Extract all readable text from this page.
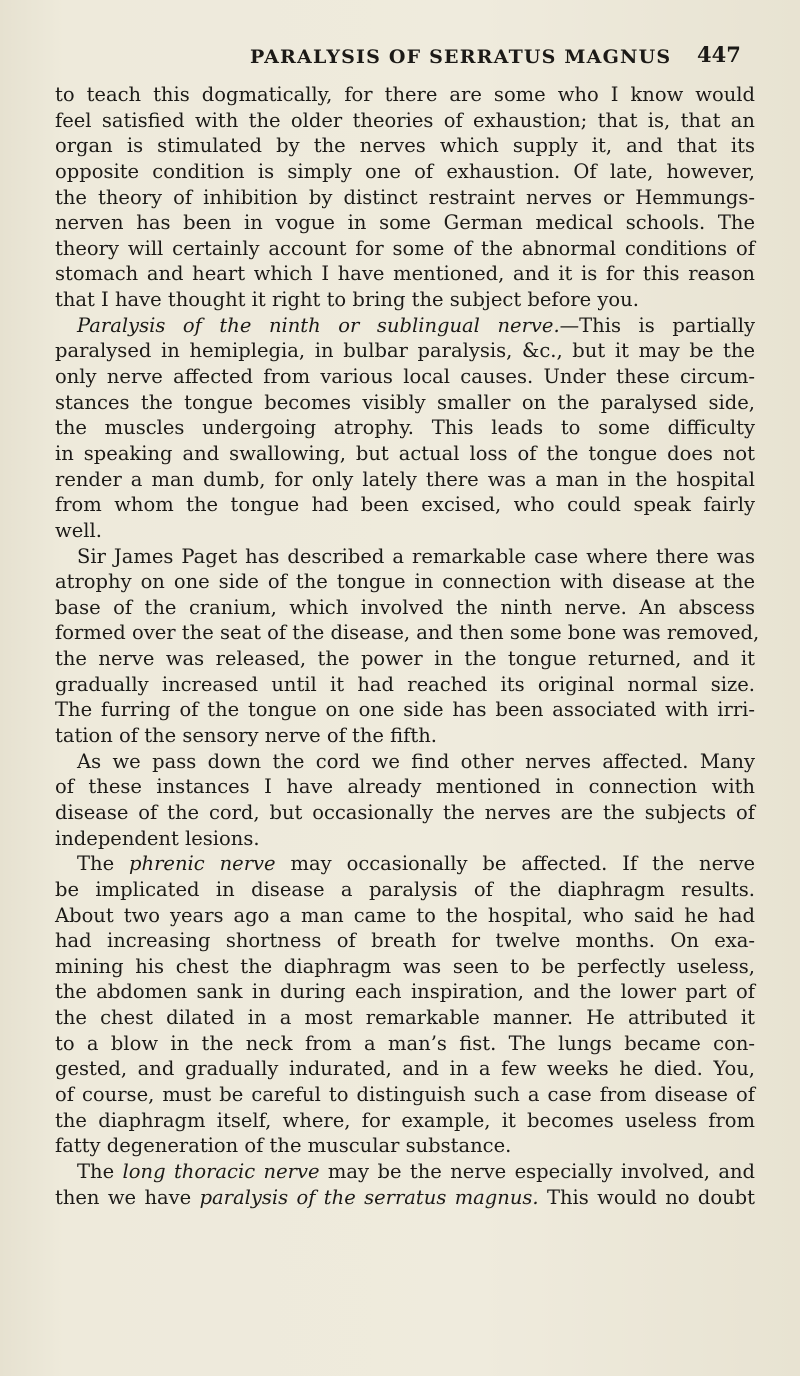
PARALYSIS OF SERRATUS MAGNUS 447
to teach this dogmatically, for there are some who I know would
feel satisfied with the older theories of exhaustion; that is, that an
organ is stimulated by the nerves which supply it, and that its
opposite condition is simply one of exhaustion. Of late, however,
the theory of inhibition by distinct restraint nerves or Hemmungs-
nerven has been in vogue in some German medical schools. The
theory will certainly account for some of the abnormal conditions of
stomach and heart which I have mentioned, and it is for this reason
that I have thought it right to bring the subject before you.
Paralysis of the ninth or sublingual nerve.—This is partially
paralysed in hemiplegia, in bulbar paralysis, &c., but it may be the
only nerve affected from various local causes. Under these circum-
stances the tongue becomes visibly smaller on the paralysed side,
the muscles undergoing atrophy. This leads to some difficulty
in speaking and swallowing, but actual loss of the tongue does not
render a man dumb, for only lately there was a man in the hospital
from whom the tongue had been excised, who could speak fairly
well.
Sir James Paget has described a remarkable case where there was
atrophy on one side of the tongue in connection with disease at the
base of the cranium, which involved the ninth nerve. An abscess
formed over the seat of the disease, and then some bone was removed,
the nerve was released, the power in the tongue returned, and it
gradually increased until it had reached its original normal size.
The furring of the tongue on one side has been associated with irri-
tation of the sensory nerve of the fifth.
As we pass down the cord we find other nerves affected. Many
of these instances I have already mentioned in connection with
disease of the cord, but occasionally the nerves are the subjects of
independent lesions.
The phrenic nerve may occasionally be affected. If the nerve
be implicated in disease a paralysis of the diaphragm results.
About two years ago a man came to the hospital, who said he had
had increasing shortness of breath for twelve months. On exa-
mining his chest the diaphragm was seen to be perfectly useless,
the abdomen sank in during each inspiration, and the lower part of
the chest dilated in a most remarkable manner. He attributed it
to a blow in the neck from a man’s fist. The lungs became con-
gested, and gradually indurated, and in a few weeks he died. You,
of course, must be careful to distinguish such a case from disease of
the diaphragm itself, where, for example, it becomes useless from
fatty degeneration of the muscular substance.
The long thoracic nerve may be the nerve especially involved, and
then we have paralysis of the serratus magnus. This would no doubt
